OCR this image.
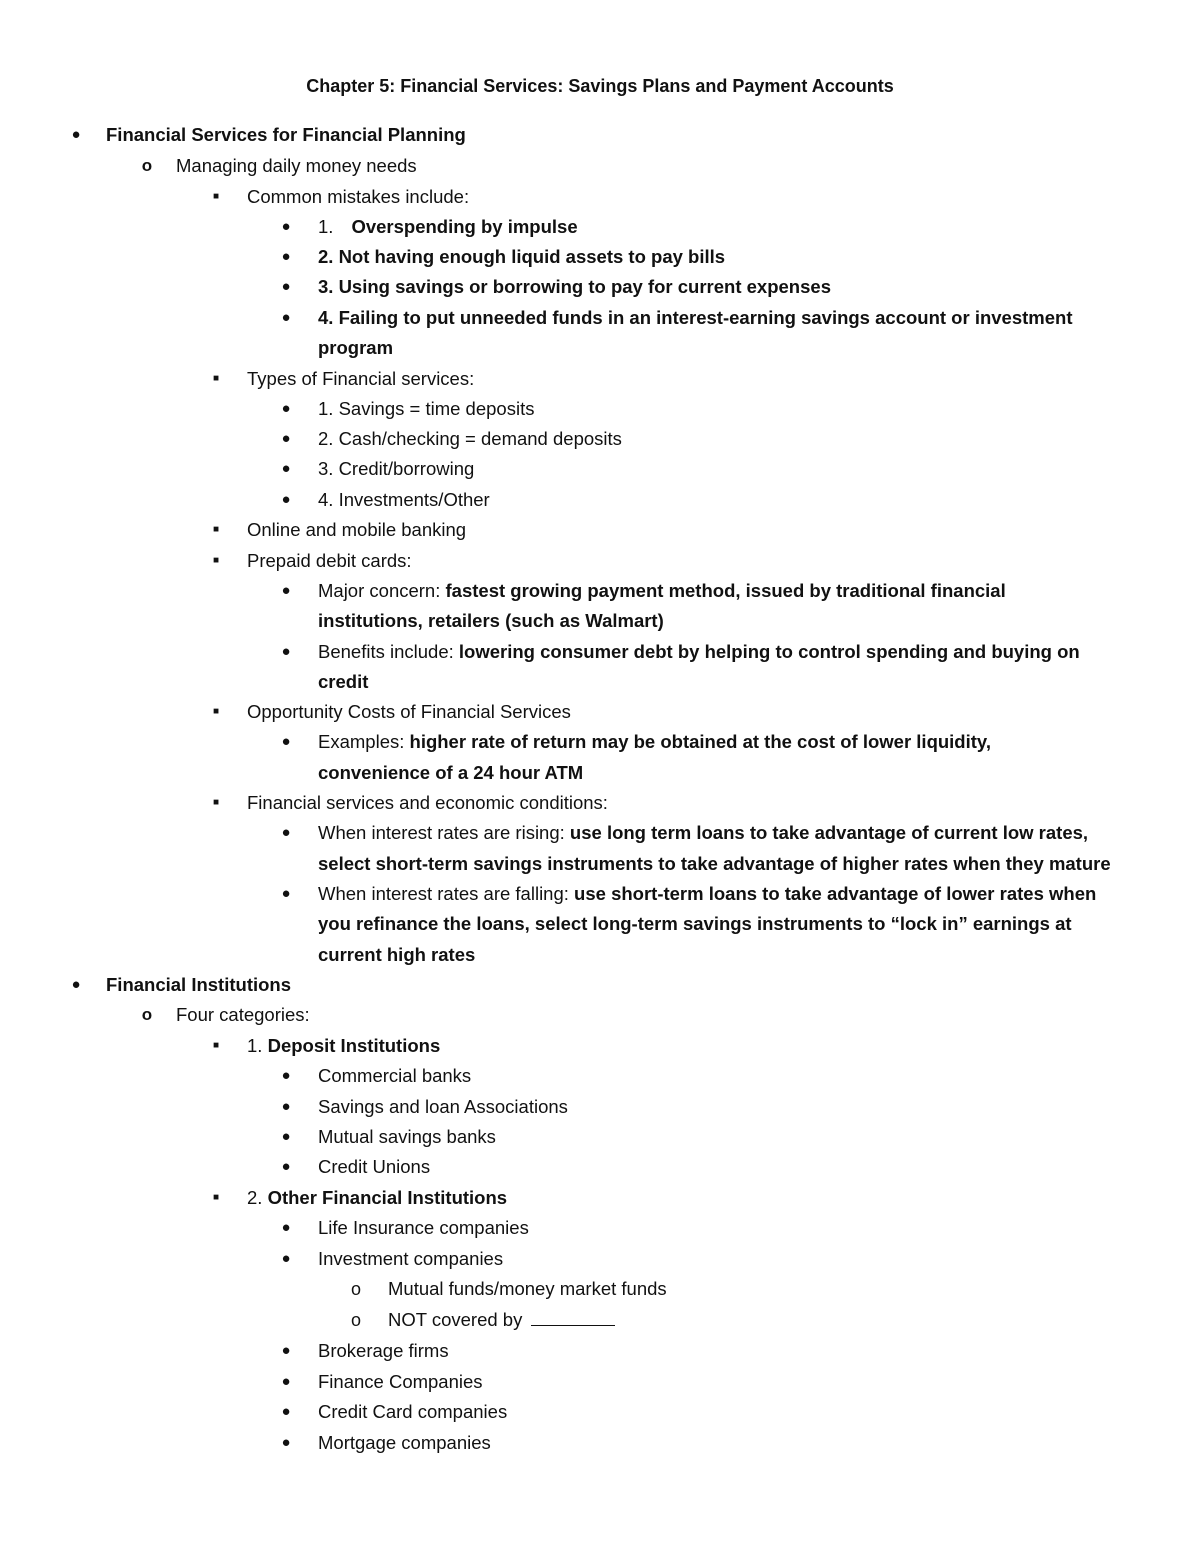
Chapter 5: Financial Services: Savings Plans and Payment Accounts
● Financial Services for Financial Planning
o Managing daily money needs
■	Common mistakes include:
● 1. Overspending by impulse
● 2. Not having enough liquid assets to pay bills
● 3. Using savings or borrowing to pay for current expenses
● 4. Failing to put unneeded funds in an interest-earning savings account or investment
program
■	Types of Financial services:
● 1. Savings = time deposits
● 2. Cash/checking = demand deposits
● 3. Credit/borrowing
● 4. Investments/Other
■	Online and mobile banking
■	Prepaid debit cards:
● Major concern: fastest growing payment method, issued by traditional financial
institutions, retailers (such as Walmart)
● Benefits include: lowering consumer debt by helping to control spending and buying on
credit
■	Opportunity Costs of Financial Services
● Examples: higher rate of return may be obtained at the cost of lower liquidity,
convenience of a 24 hour ATM
■	Financial services and economic conditions:
● When interest rates are rising: use long term loans to take advantage of current low rates,
select short-term savings instruments to take advantage of higher rates when they mature
● When interest rates are falling: use short-term loans to take advantage of lower rates when
you refinance the loans, select long-term savings instruments to “lock in” earnings at
current high rates
● Financial Institutions
o Four categories:
■	1. Deposit Institutions
● Commercial banks
● Savings and loan Associations
● Mutual savings banks
● Credit Unions
■	2. Other Financial Institutions
● Life Insurance companies
● Investment companies
o Mutual funds/money market funds
o NOT covered by
● Brokerage firms
● Finance Companies
● Credit Card companies
● Mortgage companies
